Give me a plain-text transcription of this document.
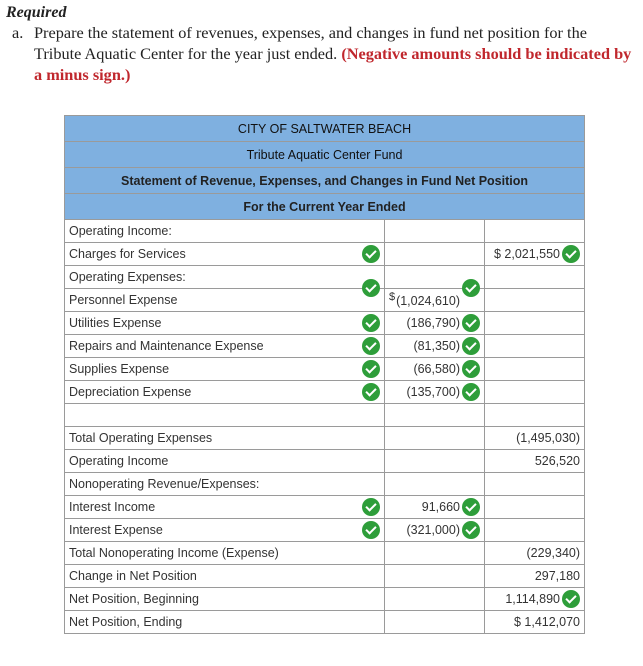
Required
a. Prepare the statement of revenues, expenses, and changes in fund net position for the Tribute Aquatic Center for the year just ended. (Negative amounts should be indicated by a minus sign.)
CITY OF SALTWATER BEACH		
Tribute Aquatic Center Fund		
Statement of Revenue, Expenses, and Changes in Fund Net Position		
For the Current Year Ended		
Operating Income:		
Charges for Services		$ 2,021,550

Operating Expenses:		
Personnel Expense	$ (1,024,610)	

Utilities Expense	(186,790)

Repairs and Maintenance Expense	(81,350)

Supplies Expense	(66,580)

Depreciation Expense	(135,700)

Total Operating Expenses		(1,495,030)
Operating Income		526,520
Nonoperating Revenue/Expenses:		
Interest Income	91,660

Interest Expense	(321,000)

Total Nonoperating Income (Expense)		(229,340)
Change in Net Position		297,180
Net Position, Beginning		1,114,890

Net Position, Ending		$ 1,412,070
